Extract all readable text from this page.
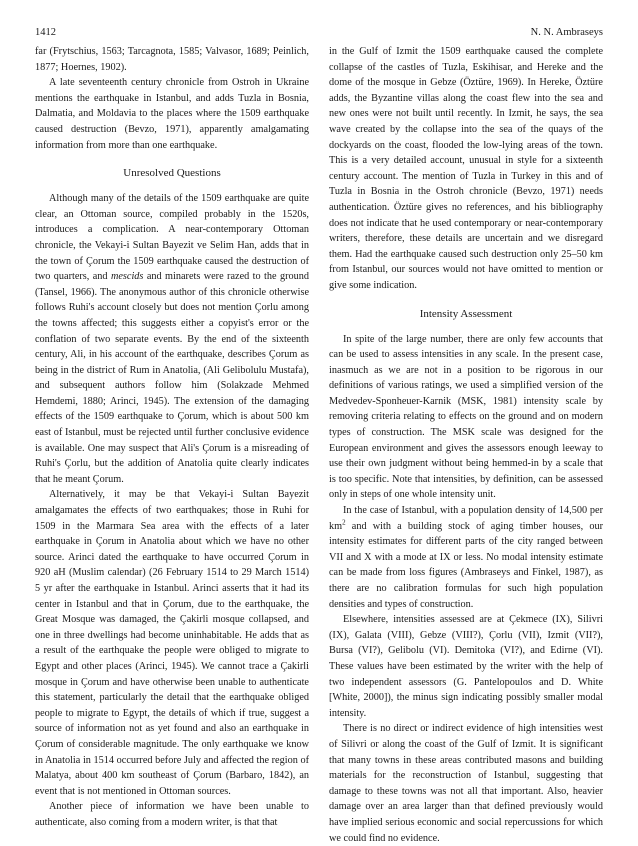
1412	N. N. Ambraseys

far (Frytschius, 1563; Tarcagnota, 1585; Valvasor, 1689; Peinlich, 1877; Hoernes, 1902).

A late seventeenth century chronicle from Ostroh in Ukraine mentions the earthquake in Istanbul, and adds Tuzla in Bosnia, Dalmatia, and Moldavia to the places where the 1509 earthquake caused destruction (Bevzo, 1971), apparently amalgamating information from more than one earthquake.

Unresolved Questions

Although many of the details of the 1509 earthquake are quite clear, an Ottoman source, compiled probably in the 1520s, introduces a complication. A near-contemporary Ottoman chronicle, the Vekayi-i Sultan Bayezit ve Selim Han, adds that in the town of Çorum the 1509 earthquake caused the destruction of two quarters, and mescids and minarets were razed to the ground (Tansel, 1966). The anonymous author of this chronicle otherwise follows Ruhi's account closely but does not mention Çorlu among the towns affected; this suggests either a copyist's error or the conflation of two separate events. By the end of the sixteenth century, Ali, in his account of the earthquake, describes Çorum as being in the district of Rum in Anatolia, (Ali Gelibolulu Mustafa), and subsequent authors follow him (Solakzade Mehmed Hemdemi, 1880; Arinci, 1945). The extension of the damaging effects of the 1509 earthquake to Çorum, which is about 500 km east of Istanbul, must be rejected until further conclusive evidence is available. One may suspect that Ali's Çorum is a misreading of Ruhi's Çorlu, but the addition of Anatolia quite clearly indicates that he meant Çorum.

Alternatively, it may be that Vekayi-i Sultan Bayezit amalgamates the effects of two earthquakes; those in Ruhi for 1509 in the Marmara Sea area with the effects of a later earthquake in Çorum in Anatolia about which we have no other source. Arinci dated the earthquake to have occurred Çorum in 920 aH (Muslim calendar) (26 February 1514 to 29 March 1514) 5 yr after the earthquake in Istanbul. Arinci asserts that it had its center in Istanbul and that in Çorum, due to the earthquake, the Great Mosque was damaged, the Çakirli mosque collapsed, and one in three dwellings had become uninhabitable. He adds that as a result of the earthquake the people were obliged to migrate to Egypt and other places (Arinci, 1945). We cannot trace a Çakirli mosque in Çorum and have otherwise been unable to authenticate this statement, particularly the detail that the earthquake obliged people to migrate to Egypt, the details of which if true, suggest a source of information not as yet found and also an earthquake in Çorum of considerable magnitude. The only earthquake we know in Anatolia in 1514 occurred before July and affected the region of Malatya, about 400 km southeast of Çorum (Barbaro, 1842), an event that is not mentioned in Ottoman sources.

Another piece of information we have been unable to authenticate, also coming from a modern writer, is that that

in the Gulf of Izmit the 1509 earthquake caused the complete collapse of the castles of Tuzla, Eskihisar, and Hereke and the dome of the mosque in Gebze (Öztüre, 1969). In Hereke, Öztüre adds, the Byzantine villas along the coast flew into the sea and new ones were not built until recently. In Izmit, he says, the sea wave created by the collapse into the sea of the quays of the dockyards on the coast, flooded the low-lying areas of the town. This is a very detailed account, unusual in style for a sixteenth century account. The mention of Tuzla in Turkey in this and of Tuzla in Bosnia in the Ostroh chronicle (Bevzo, 1971) needs authentication. Öztüre gives no references, and his bibliography does not indicate that he used contemporary or near-contemporary writers, therefore, these details are uncertain and we disregard them. Had the earthquake caused such destruction only 25–50 km from Istanbul, our sources would not have omitted to mention or give some indication.

Intensity Assessment

In spite of the large number, there are only few accounts that can be used to assess intensities in any scale. In the present case, inasmuch as we are not in a position to be rigorous in our definitions of various ratings, we used a simplified version of the Medvedev-Sponheuer-Karnik (MSK, 1981) intensity scale by removing criteria relating to effects on the ground and on modern types of construction. The MSK scale was designed for the European environment and gives the assessors enough leeway to use their own judgment without being hemmed-in by a scale that is too specific. Note that intensities, by definition, can be assessed only in steps of one whole intensity unit.

In the case of Istanbul, with a population density of 14,500 per $km^2$ and with a building stock of aging timber houses, our intensity estimates for different parts of the city ranged between VII and X with a mode at IX or less. No modal intensity estimate can be made from loss figures (Ambraseys and Finkel, 1987), as there are no calibration formulas for such high population densities and types of construction.

Elsewhere, intensities assessed are at Çekmece (IX), Silivri (IX), Galata (VIII), Gebze (VIII?), Çorlu (VII), Izmit (VII?), Bursa (VI?), Gelibolu (VI). Demitoka (VI?), and Edirne (VI). These values have been estimated by the writer with the help of two independent assessors (G. Pantelopoulos and D. White [White, 2000]), the minus sign indicating possibly smaller modal intensity.

There is no direct or indirect evidence of high intensities west of Silivri or along the coast of the Gulf of Izmit. It is significant that many towns in these areas contributed masons and building materials for the reconstruction of Istanbul, suggesting that damage to these towns was not all that important. Also, heavier damage over an area larger than that defined previously would have implied serious economic and social repercussions for which we could find no evidence.
